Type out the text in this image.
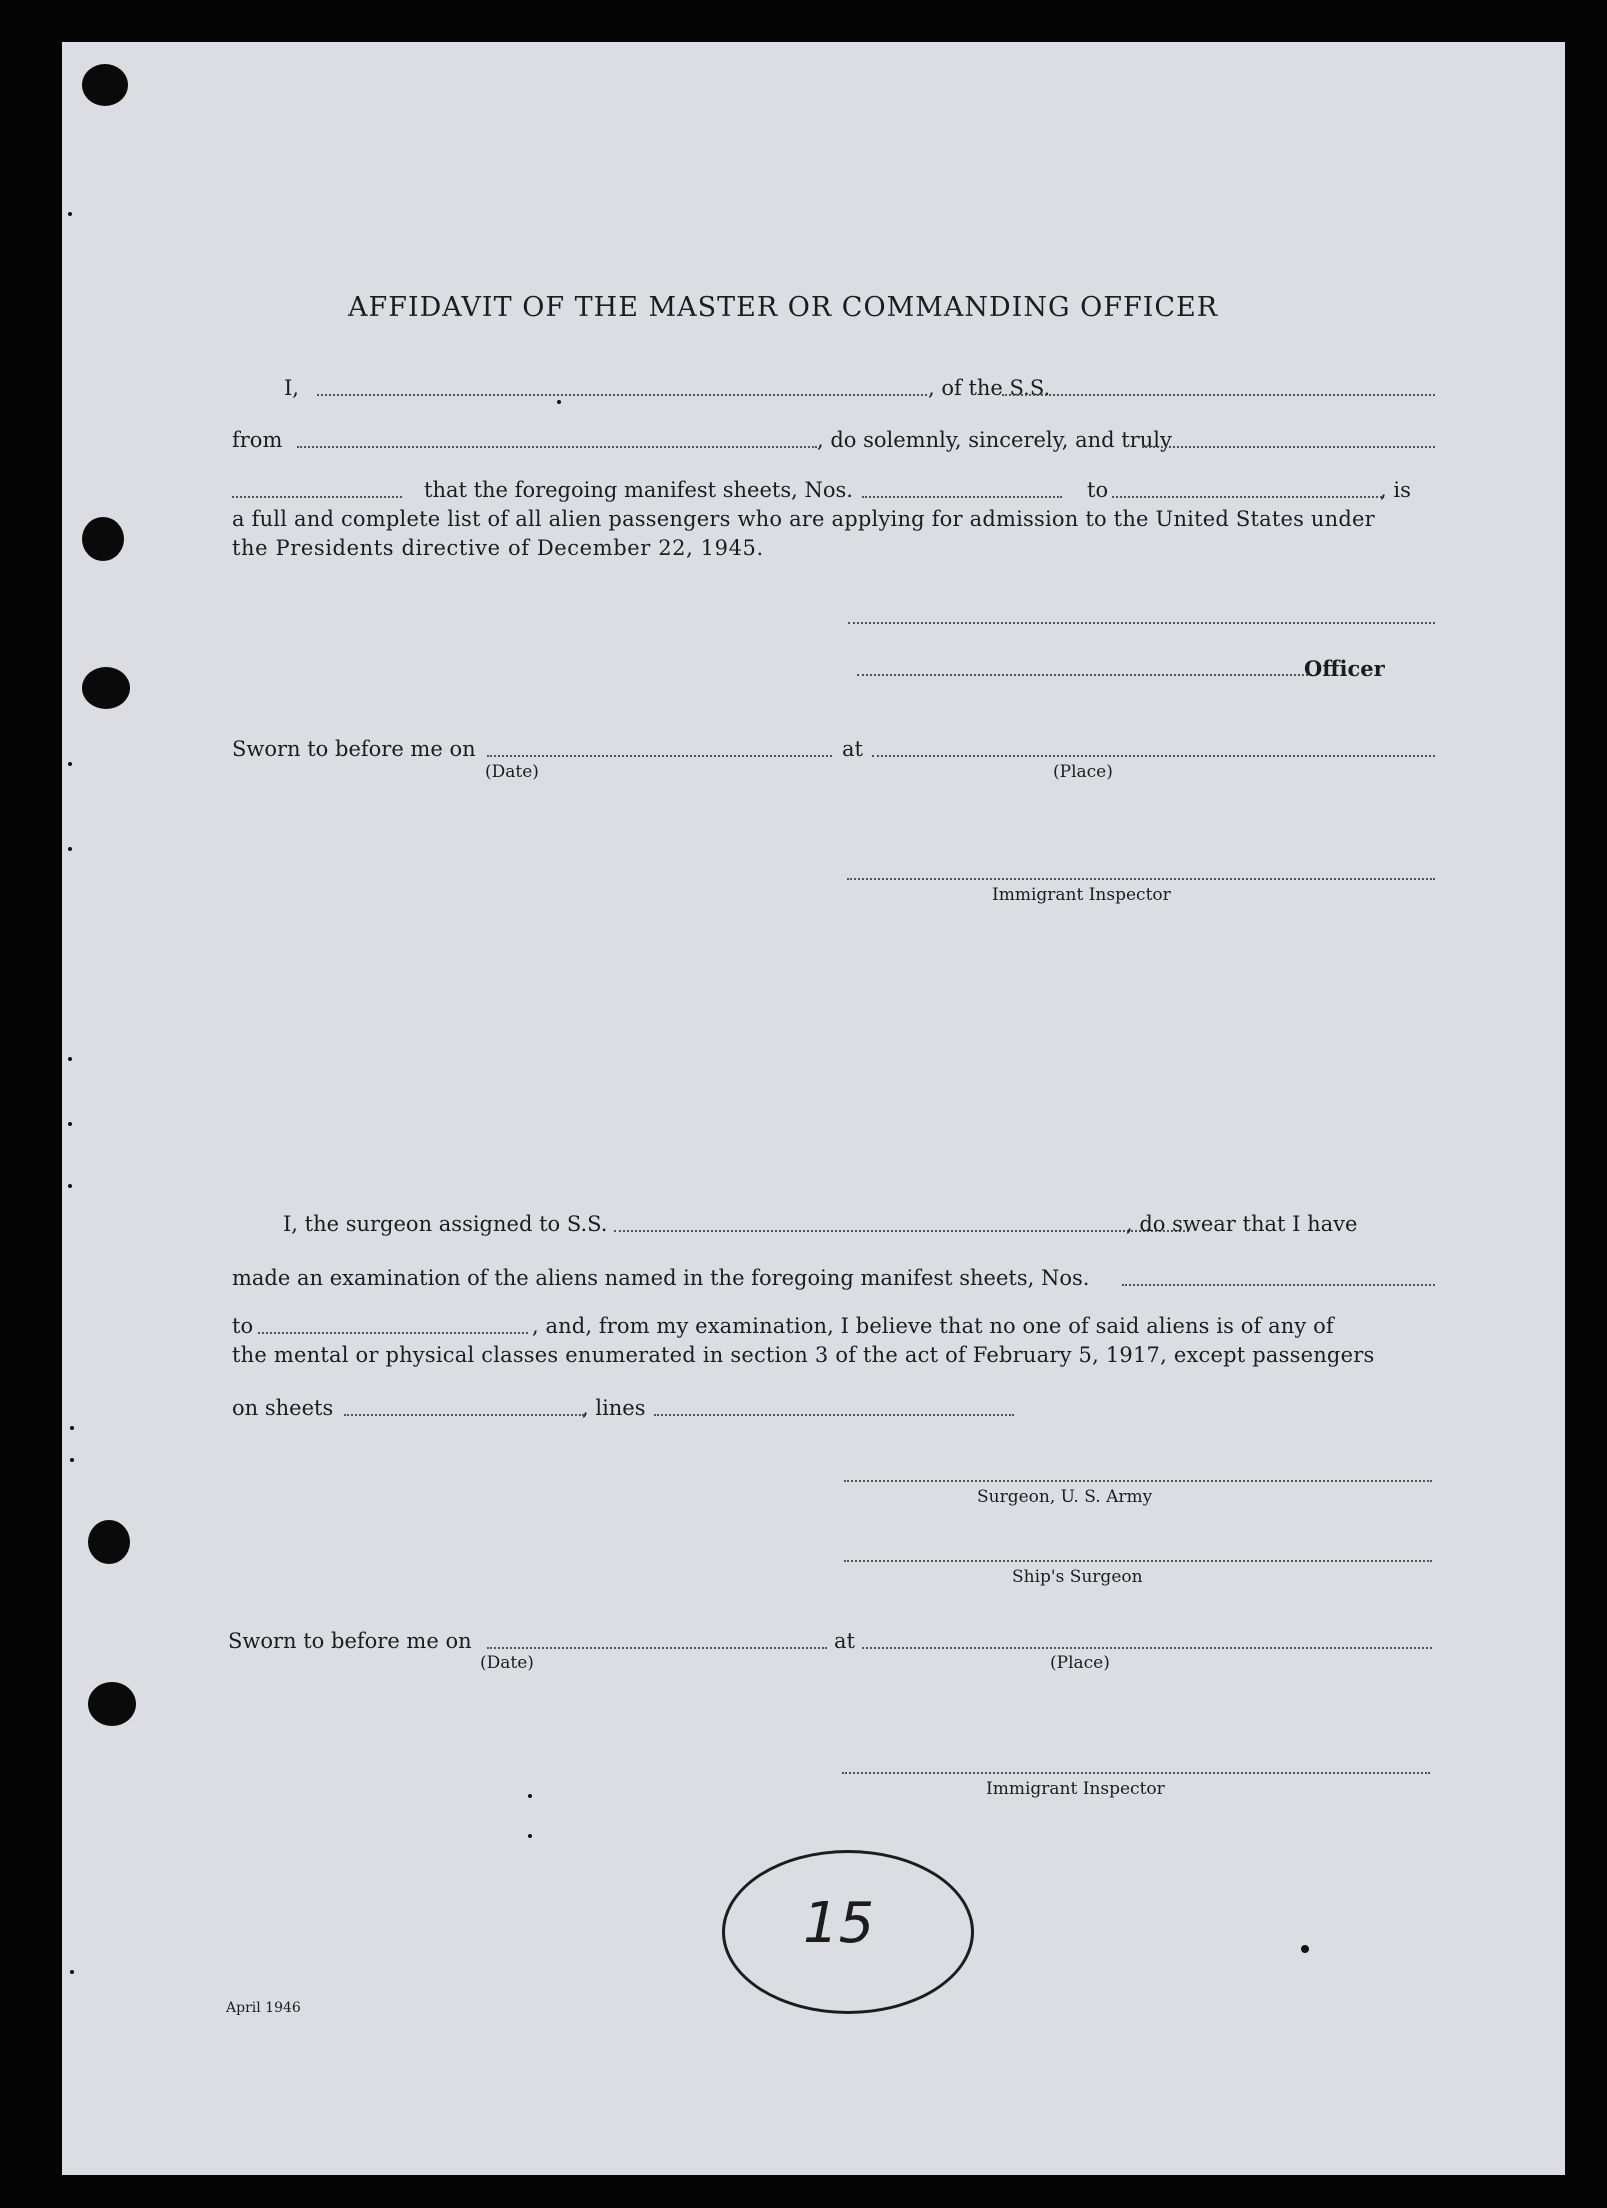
AFFIDAVIT OF THE MASTER OR COMMANDING OFFICER
I,	, of the S.S.
from	, do solemnly, sincerely, and truly
that the foregoing manifest sheets, Nos.	to	, is
a full and complete list of all alien passengers who are applying for admission to the United States under
the Presidents directive of December 22, 1945.
Officer
Sworn to before me on	at
(Date)	(Place)
Immigrant Inspector
I, the surgeon assigned to S.S.	, do swear that I have
made an examination of the aliens named in the foregoing manifest sheets, Nos.
to	, and, from my examination, I believe that no one of said aliens is of any of
the mental or physical classes enumerated in section 3 of the act of February 5, 1917, except passengers
on sheets	, lines
Surgeon, U. S. Army
Ship's Surgeon
Sworn to before me on	at
(Date)	(Place)
Immigrant Inspector
15
April 1946
